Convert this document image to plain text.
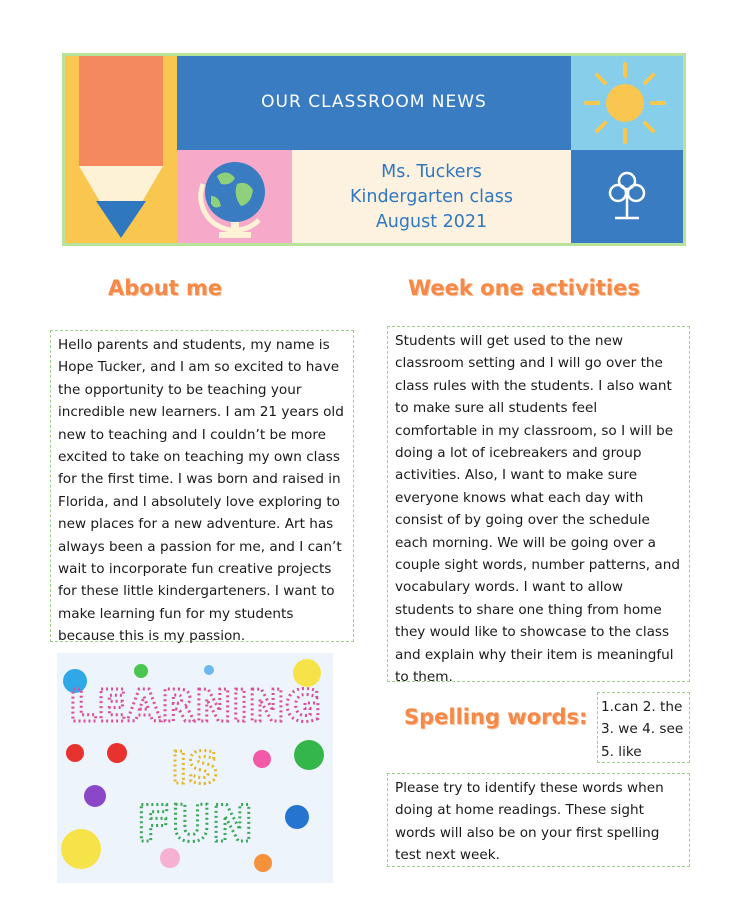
OUR CLASSROOM NEWS
Ms. Tuckers
Kindergarten class
August 2021
About me

Hello parents and students, my name is Hope Tucker, and I am so excited to have the opportunity to be teaching your incredible new learners. I am 21 years old new to teaching and I couldn’t be more excited to take on teaching my own class for the first time. I was born and raised in Florida, and I absolutely love exploring to new places for a new adventure. Art has always been a passion for me, and I can’t wait to incorporate fun creative projects for these little kindergarteners. I want to make learning fun for my students because this is my passion.

LEARNING
IS
FUN
Week one activities

Students will get used to the new classroom setting and I will go over the class rules with the students. I also want to make sure all students feel comfortable in my classroom, so I will be doing a lot of icebreakers and group activities. Also, I want to make sure everyone knows what each day with consist of by going over the schedule each morning. We will be going over a couple sight words, number patterns, and vocabulary words. I want to allow students to share one thing from home they would like to showcase to the class and explain why their item is meaningful to them.

Spelling words: 1.can 2. the
3. we 4. see
5. like

Please try to identify these words when doing at home readings. These sight words will also be on your first spelling test next week.
